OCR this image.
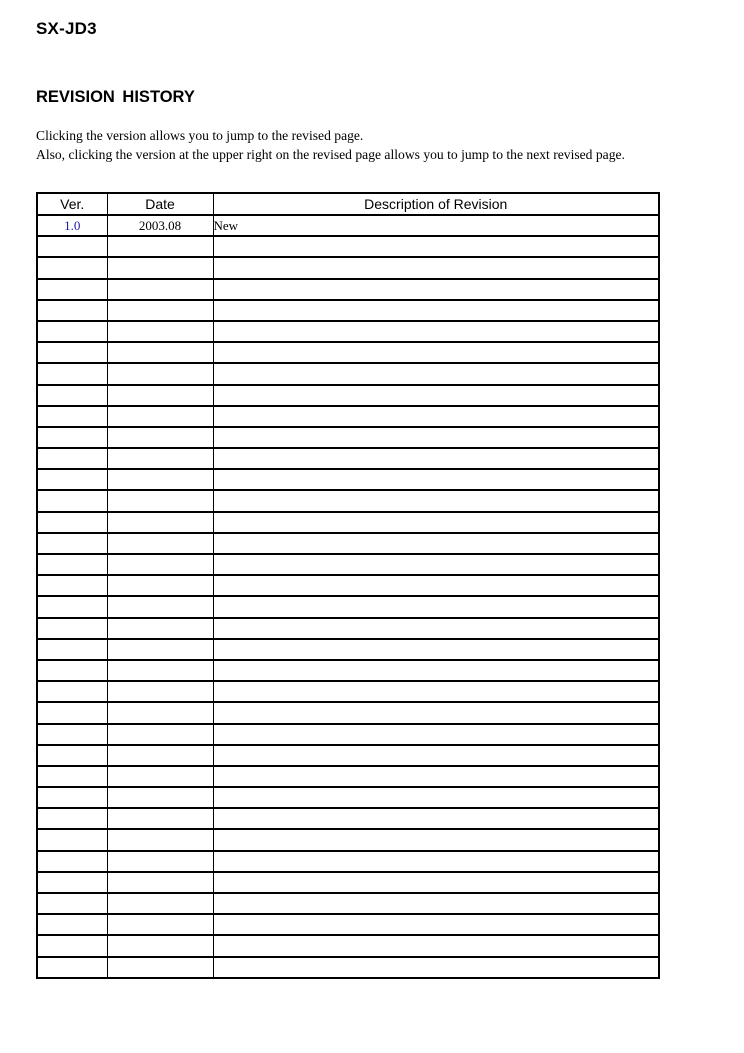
SX-JD3
REVISION HISTORY

Clicking the version allows you to jump to the revised page.

Also, clicking the version at the upper right on the revised page allows you to jump to the next revised page.

Ver.	Date	Description of Revision
1.0	2003.08	New
